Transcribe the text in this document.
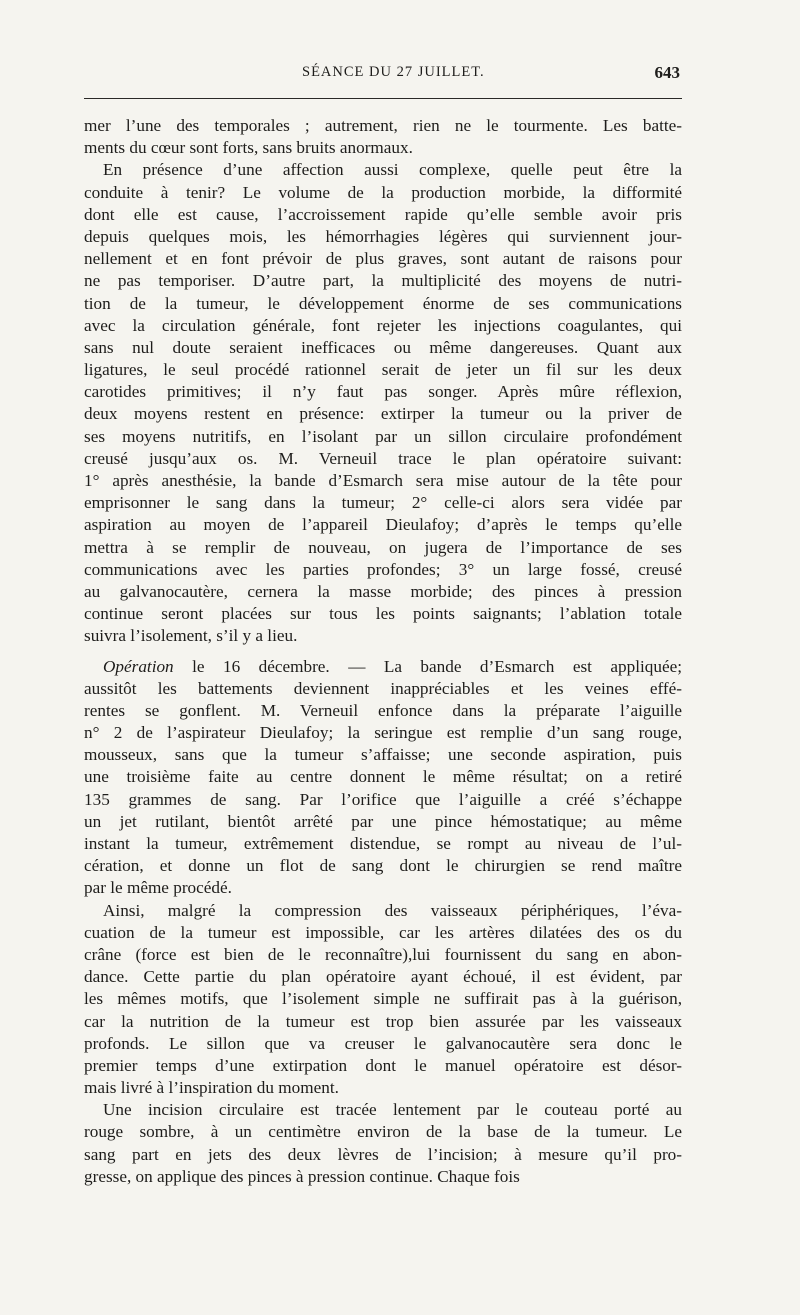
SÉANCE DU 27 JUILLET.	643
mer l’une des temporales ; autrement, rien ne le tourmente. Les batte-
ments du cœur sont forts, sans bruits anormaux.
En présence d’une affection aussi complexe, quelle peut être la
conduite à tenir? Le volume de la production morbide, la difformité
dont elle est cause, l’accroissement rapide qu’elle semble avoir pris
depuis quelques mois, les hémorrhagies légères qui surviennent jour-
nellement et en font prévoir de plus graves, sont autant de raisons pour
ne pas temporiser. D’autre part, la multiplicité des moyens de nutri-
tion de la tumeur, le développement énorme de ses communications
avec la circulation générale, font rejeter les injections coagulantes, qui
sans nul doute seraient inefficaces ou même dangereuses. Quant aux
ligatures, le seul procédé rationnel serait de jeter un fil sur les deux
carotides primitives; il n’y faut pas songer. Après mûre réflexion,
deux moyens restent en présence: extirper la tumeur ou la priver de
ses moyens nutritifs, en l’isolant par un sillon circulaire profondément
creusé jusqu’aux os. M. Verneuil trace le plan opératoire suivant:
1° après anesthésie, la bande d’Esmarch sera mise autour de la tête pour
emprisonner le sang dans la tumeur; 2° celle-ci alors sera vidée par
aspiration au moyen de l’appareil Dieulafoy; d’après le temps qu’elle
mettra à se remplir de nouveau, on jugera de l’importance de ses
communications avec les parties profondes; 3° un large fossé, creusé
au galvanocautère, cernera la masse morbide; des pinces à pression
continue seront placées sur tous les points saignants; l’ablation totale
suivra l’isolement, s’il y a lieu.
Opération le 16 décembre. — La bande d’Esmarch est appliquée;
aussitôt les battements deviennent inappréciables et les veines effé-
rentes se gonflent. M. Verneuil enfonce dans la préparate l’aiguille
n° 2 de l’aspirateur Dieulafoy; la seringue est remplie d’un sang rouge,
mousseux, sans que la tumeur s’affaisse; une seconde aspiration, puis
une troisième faite au centre donnent le même résultat; on a retiré
135 grammes de sang. Par l’orifice que l’aiguille a créé s’échappe
un jet rutilant, bientôt arrêté par une pince hémostatique; au même
instant la tumeur, extrêmement distendue, se rompt au niveau de l’ul-
cération, et donne un flot de sang dont le chirurgien se rend maître
par le même procédé.
Ainsi, malgré la compression des vaisseaux périphériques, l’éva-
cuation de la tumeur est impossible, car les artères dilatées des os du
crâne (force est bien de le reconnaître),lui fournissent du sang en abon-
dance. Cette partie du plan opératoire ayant échoué, il est évident, par
les mêmes motifs, que l’isolement simple ne suffirait pas à la guérison,
car la nutrition de la tumeur est trop bien assurée par les vaisseaux
profonds. Le sillon que va creuser le galvanocautère sera donc le
premier temps d’une extirpation dont le manuel opératoire est désor-
mais livré à l’inspiration du moment.
Une incision circulaire est tracée lentement par le couteau porté au
rouge sombre, à un centimètre environ de la base de la tumeur. Le
sang part en jets des deux lèvres de l’incision; à mesure qu’il pro-
gresse, on applique des pinces à pression continue. Chaque fois
